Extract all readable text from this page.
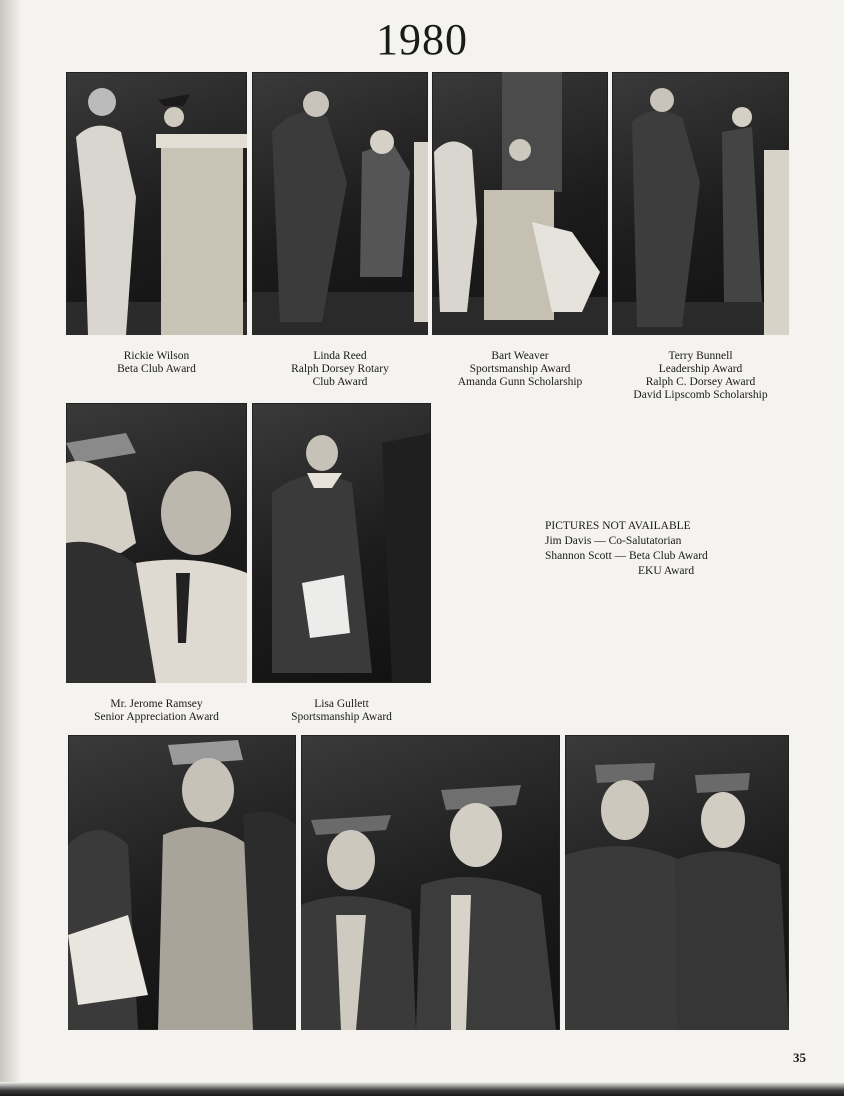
1980
Rickie Wilson
Beta Club Award
Linda Reed
Ralph Dorsey Rotary
Club Award
Bart Weaver
Sportsmanship Award
Amanda Gunn Scholarship
Terry Bunnell
Leadership Award
Ralph C. Dorsey Award
David Lipscomb Scholarship
Mr. Jerome Ramsey
Senior Appreciation Award
Lisa Gullett
Sportsmanship Award
PICTURES NOT AVAILABLE
Jim Davis — Co-Salutatorian
Shannon Scott — Beta Club Award
EKU Award
35
